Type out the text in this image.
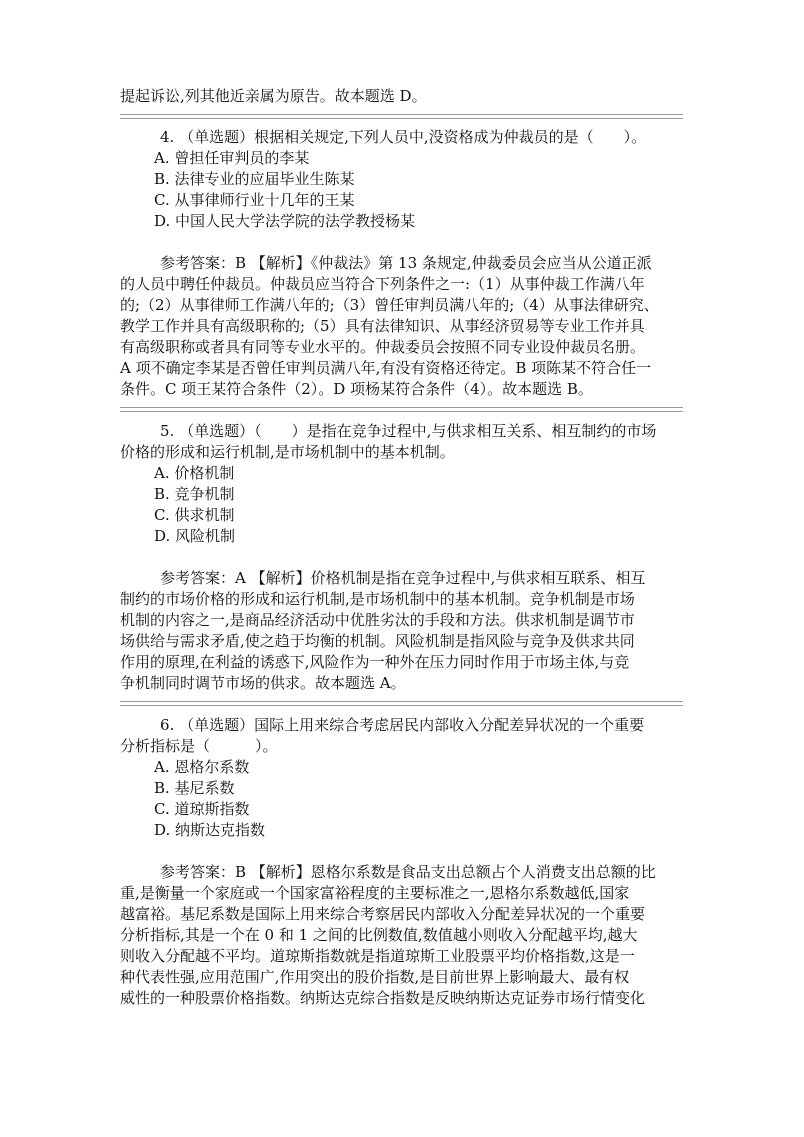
提起诉讼,列其他近亲属为原告。故本题选 D。
4. （单选题）根据相关规定,下列人员中,没资格成为仲裁员的是（　　）。
A. 曾担任审判员的李某
B. 法律专业的应届毕业生陈某
C. 从事律师行业十几年的王某
D. 中国人民大学法学院的法学教授杨某
参考答案：B 【解析】《仲裁法》第 13 条规定,仲裁委员会应当从公道正派
的人员中聘任仲裁员。仲裁员应当符合下列条件之一:（1）从事仲裁工作满八年
的;（2）从事律师工作满八年的;（3）曾任审判员满八年的;（4）从事法律研究、
教学工作并具有高级职称的;（5）具有法律知识、从事经济贸易等专业工作并具
有高级职称或者具有同等专业水平的。仲裁委员会按照不同专业设仲裁员名册。
A 项不确定李某是否曾任审判员满八年,有没有资格还待定。B 项陈某不符合任一
条件。C 项王某符合条件（2）。D 项杨某符合条件（4）。故本题选 B。
5. （单选题）（　　）是指在竞争过程中,与供求相互关系、相互制约的市场
价格的形成和运行机制,是市场机制中的基本机制。
A. 价格机制
B. 竞争机制
C. 供求机制
D. 风险机制
参考答案：A 【解析】价格机制是指在竞争过程中,与供求相互联系、相互
制约的市场价格的形成和运行机制,是市场机制中的基本机制。竞争机制是市场
机制的内容之一,是商品经济活动中优胜劣汰的手段和方法。供求机制是调节市
场供给与需求矛盾,使之趋于均衡的机制。风险机制是指风险与竞争及供求共同
作用的原理,在利益的诱惑下,风险作为一种外在压力同时作用于市场主体,与竞
争机制同时调节市场的供求。故本题选 A。
6. （单选题）国际上用来综合考虑居民内部收入分配差异状况的一个重要
分析指标是（　　　）。
A. 恩格尔系数
B. 基尼系数
C. 道琼斯指数
D. 纳斯达克指数
参考答案：B 【解析】恩格尔系数是食品支出总额占个人消费支出总额的比
重,是衡量一个家庭或一个国家富裕程度的主要标准之一,恩格尔系数越低,国家
越富裕。基尼系数是国际上用来综合考察居民内部收入分配差异状况的一个重要
分析指标,其是一个在 0 和 1 之间的比例数值,数值越小则收入分配越平均,越大
则收入分配越不平均。道琼斯指数就是指道琼斯工业股票平均价格指数,这是一
种代表性强,应用范围广,作用突出的股价指数,是目前世界上影响最大、最有权
威性的一种股票价格指数。纳斯达克综合指数是反映纳斯达克证券市场行情变化
